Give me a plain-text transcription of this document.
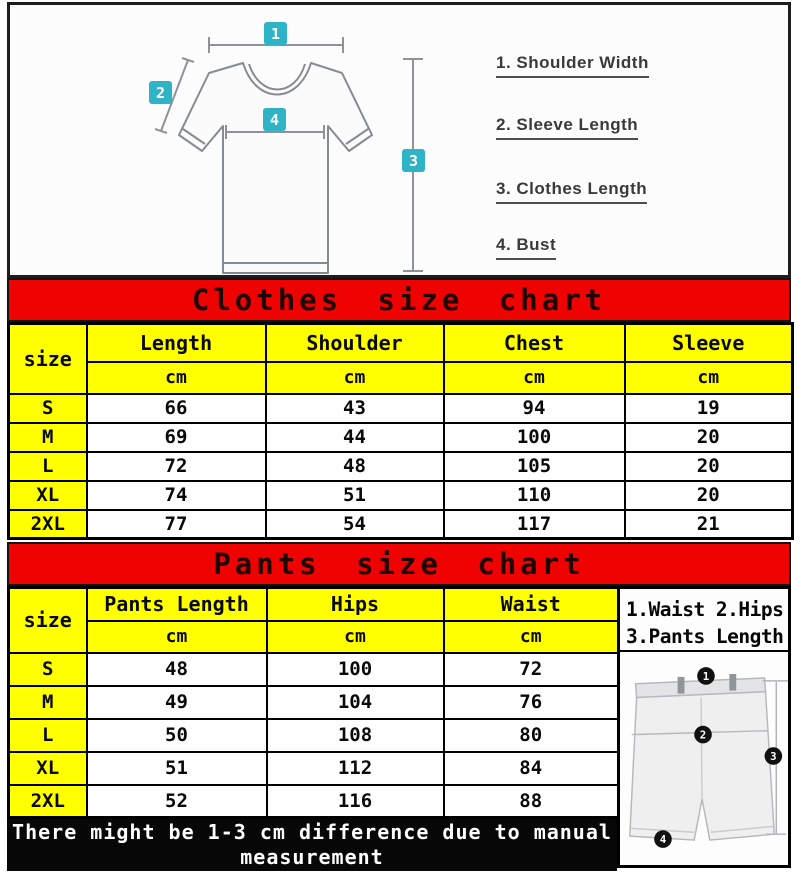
1
2
3
4
1. Shoulder Width
2. Sleeve Length
3. Clothes Length
4. Bust
Clothes size chart
size	Length	Shoulder	Chest	Sleeve
	cm	cm	cm	cm
S	66	43	94	19
M	69	44	100	20
L	72	48	105	20
XL	74	51	110	20
2XL	77	54	117	21
Pants size chart
size	Pants Length	Hips	Waist
	cm	cm	cm
S	48	100	72
M	49	104	76
L	50	108	80
XL	51	112	84
2XL	52	116	88
There might be 1-3 cm difference due to manual measurement
1.Waist 2.Hips
3.Pants Length
1
2
3
4
